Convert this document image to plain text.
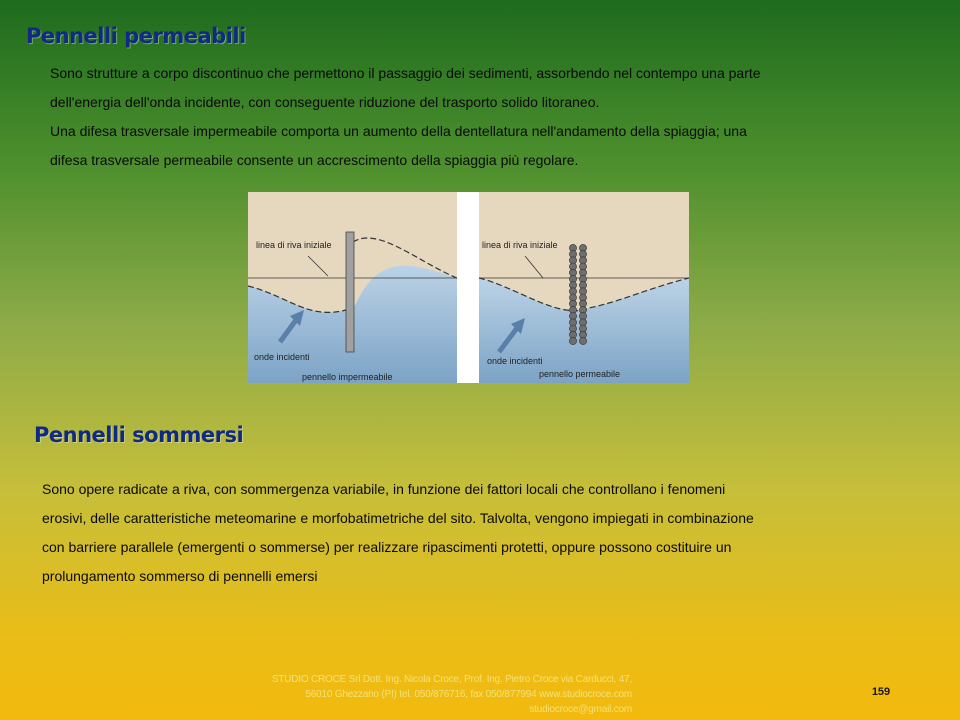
Pennelli permeabili
Sono strutture a corpo discontinuo che permettono il passaggio dei sedimenti, assorbendo nel contempo una parte
dell'energia dell'onda incidente, con conseguente riduzione del trasporto solido litoraneo.
Una difesa trasversale impermeabile comporta un aumento della dentellatura nell'andamento della spiaggia; una
difesa trasversale permeabile consente un accrescimento della spiaggia più regolare.
linea di riva iniziale
onde incidenti
pennello impermeabile
linea di riva iniziale
onde incidenti
pennello permeabile
Pennelli sommersi
Sono opere radicate a riva, con sommergenza variabile, in funzione dei fattori locali che controllano i fenomeni
erosivi, delle caratteristiche meteomarine e morfobatimetriche del sito. Talvolta, vengono impiegati in combinazione
con barriere parallele (emergenti o sommerse) per realizzare ripascimenti protetti, oppure possono costituire un
prolungamento sommerso di pennelli emersi
STUDIO CROCE Srl Dott. Ing. Nicola Croce, Prof. Ing. Pietro Croce via Carducci, 47,
56010 Ghezzano (PI) tel. 050/876716, fax 050/877994 www.studiocroce.com
studiocroce@gmail.com
159
